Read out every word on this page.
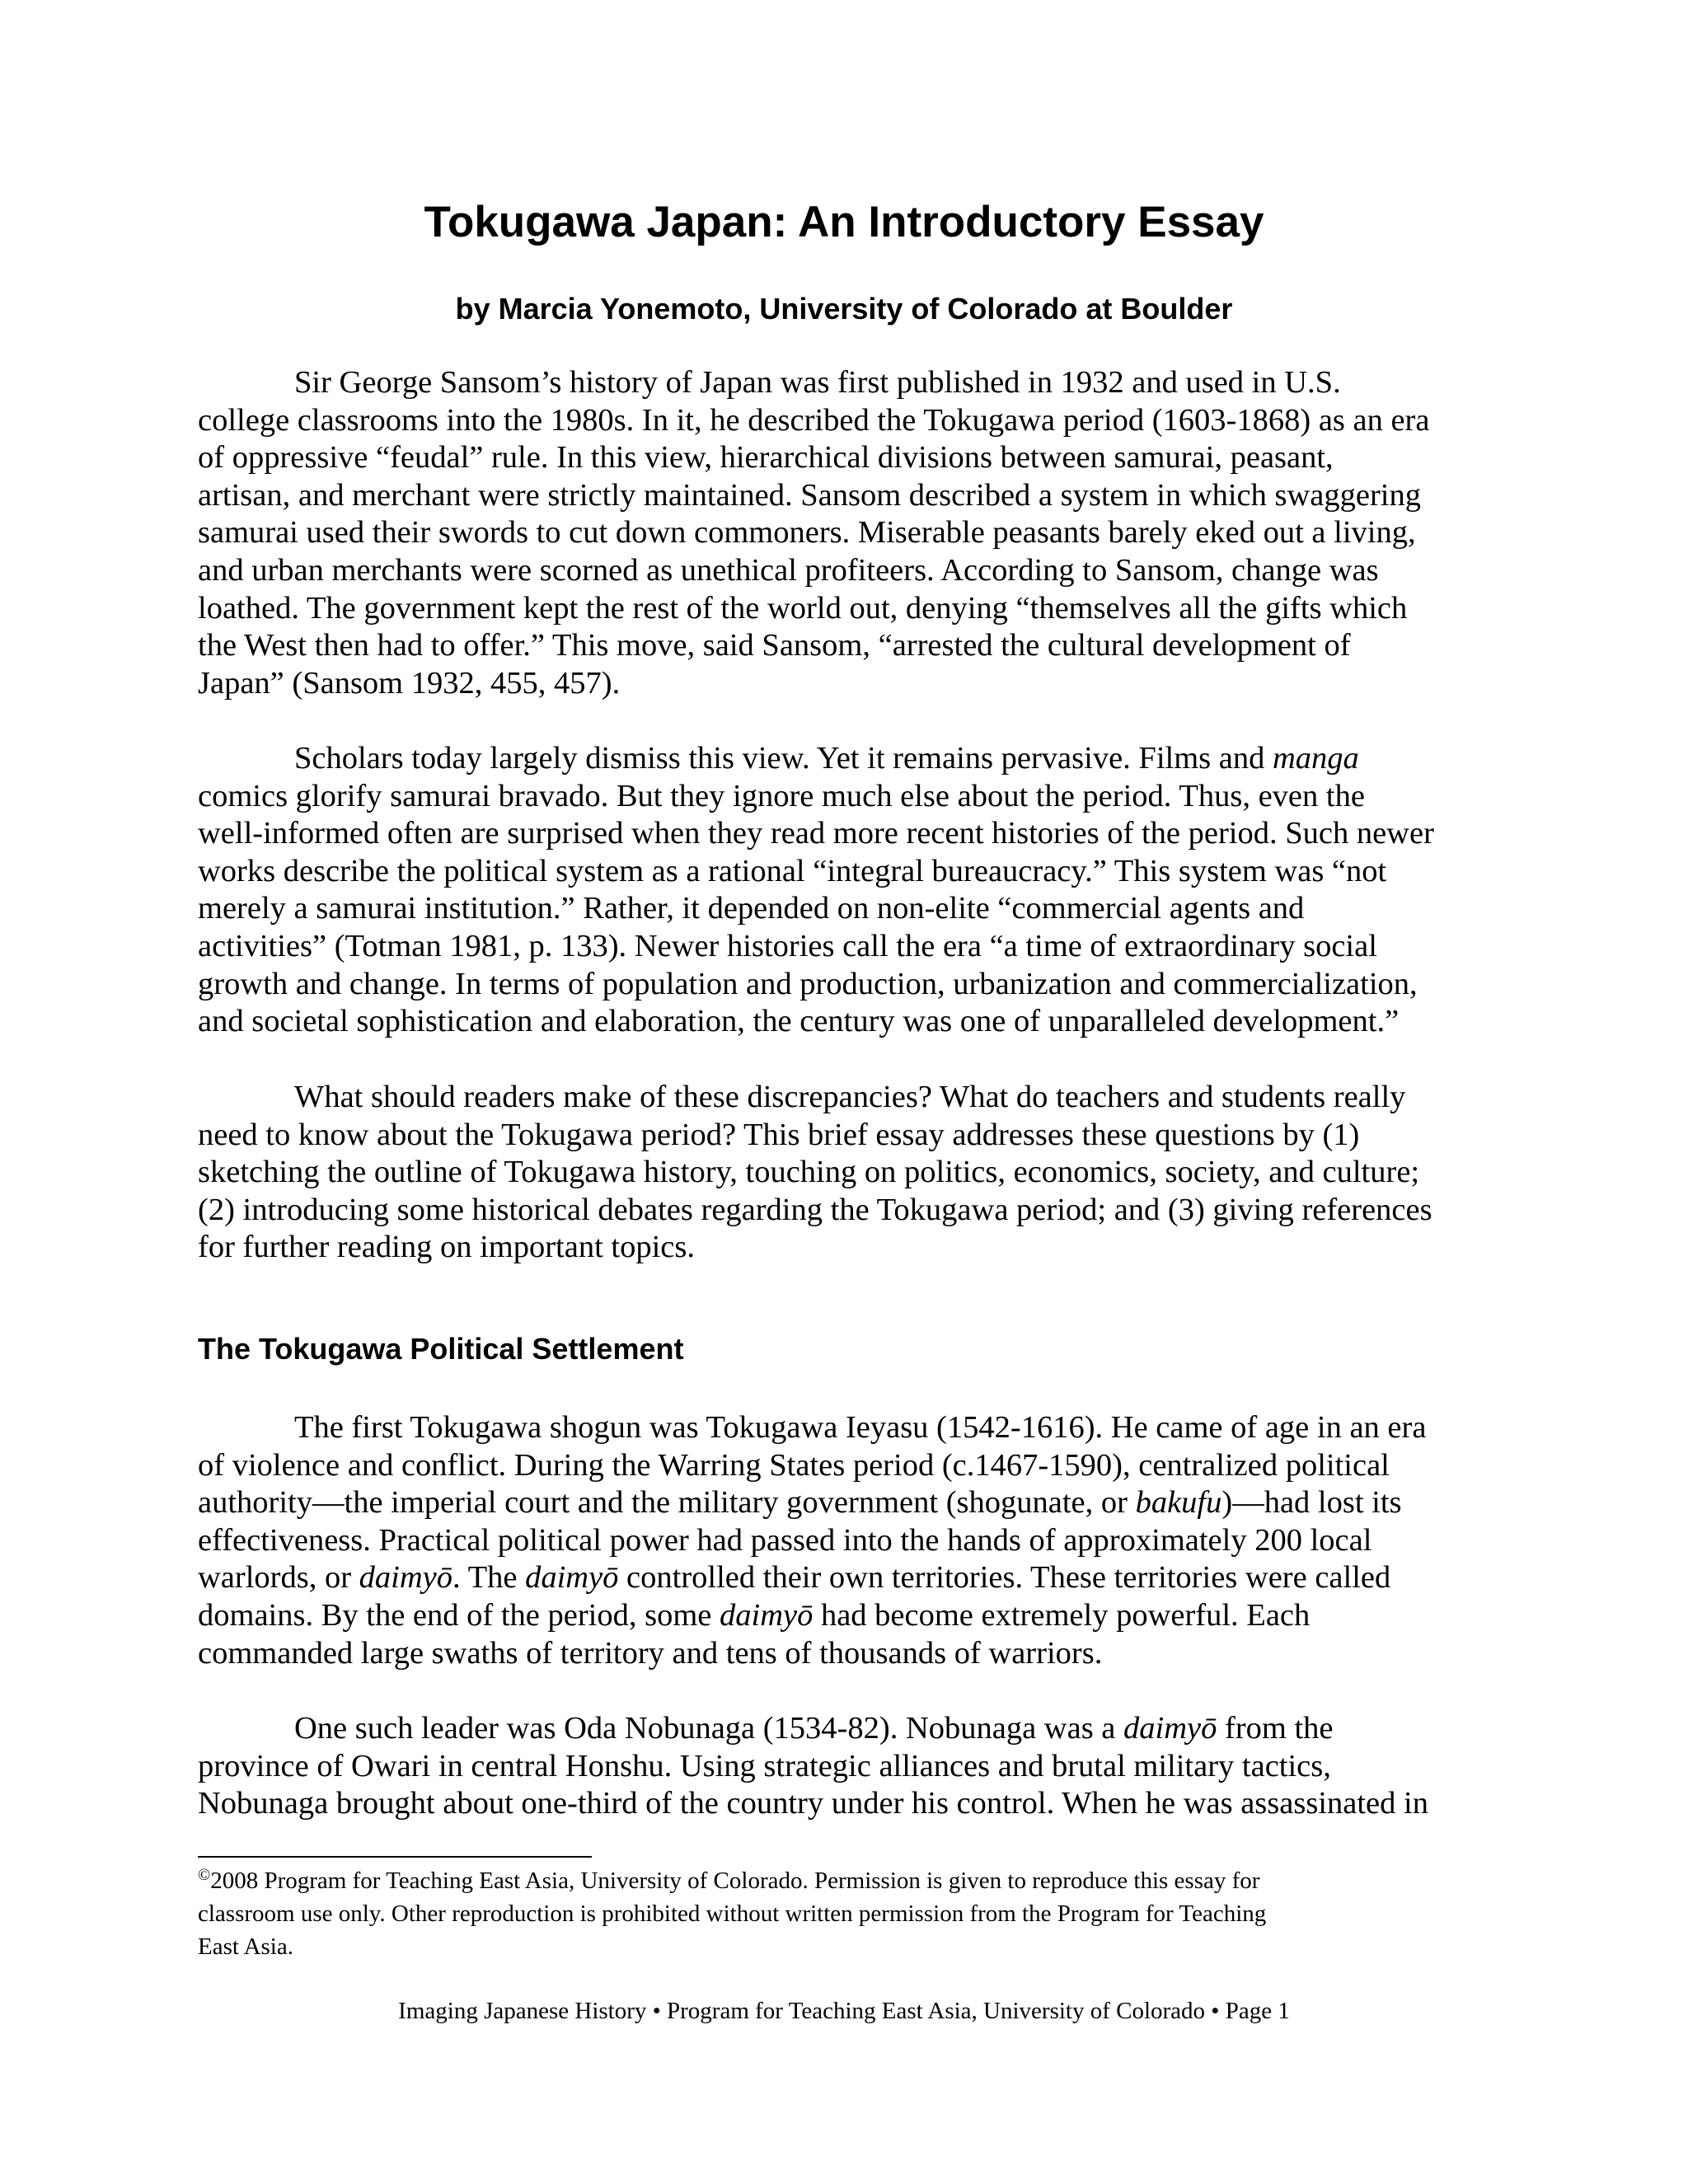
Tokugawa Japan: An Introductory Essay
by Marcia Yonemoto, University of Colorado at Boulder
Sir George Sansom’s history of Japan was first published in 1932 and used in U.S.
college classrooms into the 1980s. In it, he described the Tokugawa period (1603-1868) as an era
of oppressive “feudal” rule. In this view, hierarchical divisions between samurai, peasant,
artisan, and merchant were strictly maintained. Sansom described a system in which swaggering
samurai used their swords to cut down commoners. Miserable peasants barely eked out a living,
and urban merchants were scorned as unethical profiteers. According to Sansom, change was
loathed. The government kept the rest of the world out, denying “themselves all the gifts which
the West then had to offer.” This move, said Sansom, “arrested the cultural development of
Japan” (Sansom 1932, 455, 457).
Scholars today largely dismiss this view. Yet it remains pervasive. Films and manga
comics glorify samurai bravado. But they ignore much else about the period. Thus, even the
well-informed often are surprised when they read more recent histories of the period. Such newer
works describe the political system as a rational “integral bureaucracy.” This system was “not
merely a samurai institution.” Rather, it depended on non-elite “commercial agents and
activities” (Totman 1981, p. 133). Newer histories call the era “a time of extraordinary social
growth and change. In terms of population and production, urbanization and commercialization,
and societal sophistication and elaboration, the century was one of unparalleled development.”
What should readers make of these discrepancies? What do teachers and students really
need to know about the Tokugawa period? This brief essay addresses these questions by (1)
sketching the outline of Tokugawa history, touching on politics, economics, society, and culture;
(2) introducing some historical debates regarding the Tokugawa period; and (3) giving references
for further reading on important topics.
The Tokugawa Political Settlement
The first Tokugawa shogun was Tokugawa Ieyasu (1542-1616). He came of age in an era
of violence and conflict. During the Warring States period (c.1467-1590), centralized political
authority—the imperial court and the military government (shogunate, or bakufu)—had lost its
effectiveness. Practical political power had passed into the hands of approximately 200 local
warlords, or daimyō. The daimyō controlled their own territories. These territories were called
domains. By the end of the period, some daimyō had become extremely powerful. Each
commanded large swaths of territory and tens of thousands of warriors.
One such leader was Oda Nobunaga (1534-82). Nobunaga was a daimyō from the
province of Owari in central Honshu. Using strategic alliances and brutal military tactics,
Nobunaga brought about one-third of the country under his control. When he was assassinated in
©2008 Program for Teaching East Asia, University of Colorado. Permission is given to reproduce this essay for
classroom use only. Other reproduction is prohibited without written permission from the Program for Teaching
East Asia.
Imaging Japanese History • Program for Teaching East Asia, University of Colorado • Page 1
